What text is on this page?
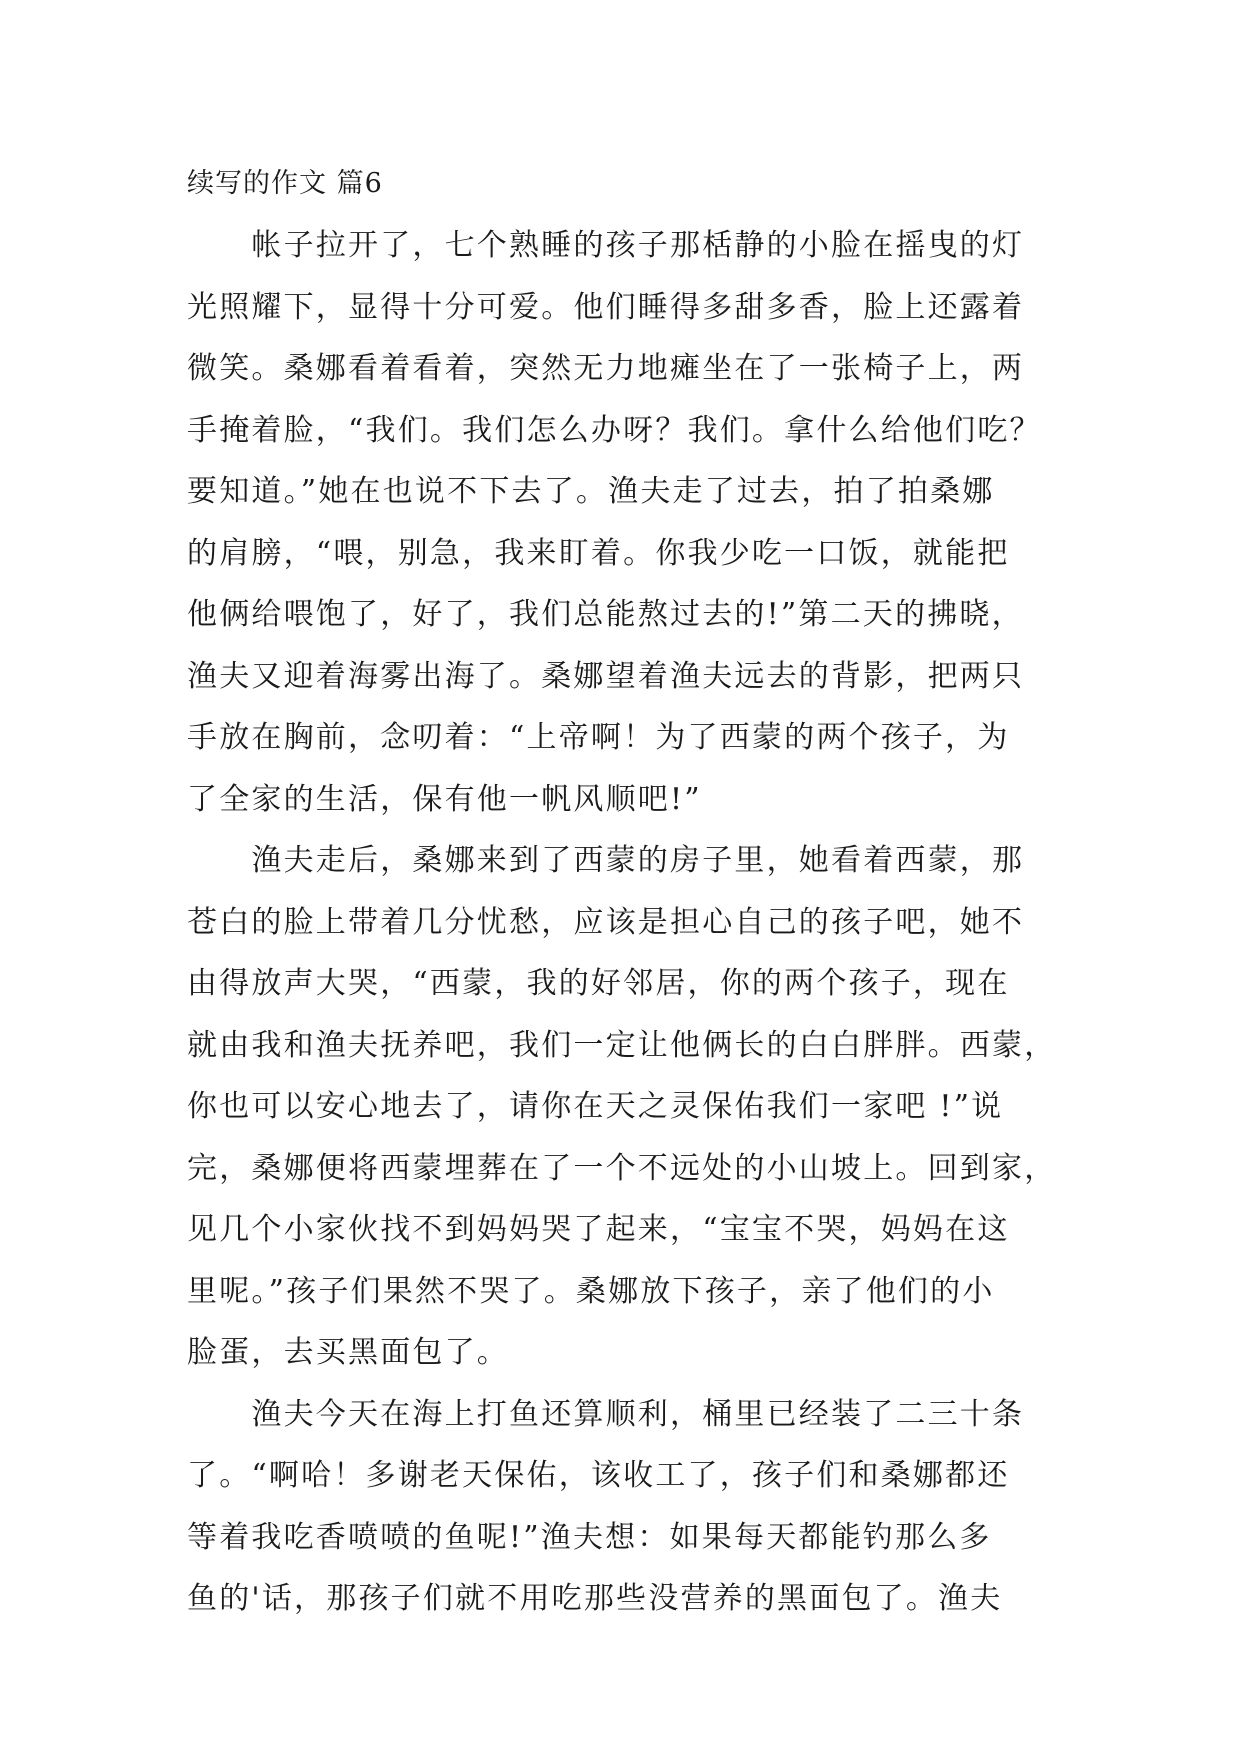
续写的作文 篇6
　　帐子拉开了，七个熟睡的孩子那栝静的小脸在摇曳的灯
光照耀下，显得十分可爱。他们睡得多甜多香，脸上还露着
微笑。桑娜看着看着，突然无力地瘫坐在了一张椅子上，两
手掩着脸，“我们。我们怎么办呀？我们。拿什么给他们吃？
要知道。”她在也说不下去了。渔夫走了过去，拍了拍桑娜
的肩膀，“喂，别急，我来盯着。你我少吃一口饭，就能把
他俩给喂饱了，好了，我们总能熬过去的!”第二天的拂晓，
渔夫又迎着海雾出海了。桑娜望着渔夫远去的背影，把两只
手放在胸前，念叨着：“上帝啊！为了西蒙的两个孩子，为
了全家的生活，保有他一帆风顺吧!”
　　渔夫走后，桑娜来到了西蒙的房子里，她看着西蒙，那
苍白的脸上带着几分忧愁，应该是担心自己的孩子吧，她不
由得放声大哭，“西蒙，我的好邻居，你的两个孩子，现在
就由我和渔夫抚养吧，我们一定让他俩长的白白胖胖。西蒙，
你也可以安心地去了，请你在天之灵保佑我们一家吧 !”说
完，桑娜便将西蒙埋葬在了一个不远处的小山坡上。回到家，
见几个小家伙找不到妈妈哭了起来，“宝宝不哭，妈妈在这
里呢。”孩子们果然不哭了。桑娜放下孩子，亲了他们的小
脸蛋，去买黑面包了。
　　渔夫今天在海上打鱼还算顺利，桶里已经装了二三十条
了。“啊哈！多谢老天保佑，该收工了，孩子们和桑娜都还
等着我吃香喷喷的鱼呢!”渔夫想：如果每天都能钓那么多
鱼的'话，那孩子们就不用吃那些没营养的黑面包了。渔夫
